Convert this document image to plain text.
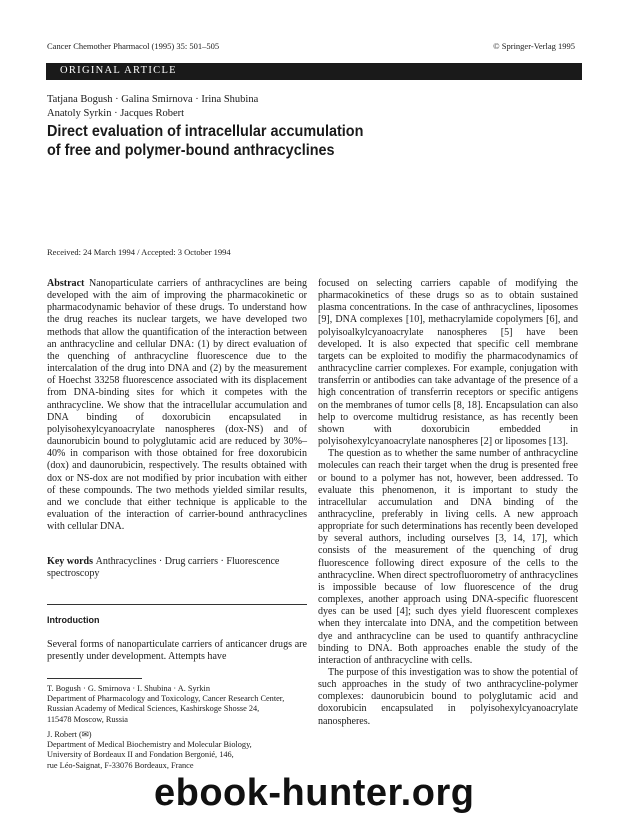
Cancer Chemother Pharmacol (1995) 35: 501–505	© Springer-Verlag 1995
ORIGINAL ARTICLE
Tatjana Bogush · Galina Smirnova · Irina Shubina
Anatoly Syrkin · Jacques Robert
Direct evaluation of intracellular accumulation
of free and polymer-bound anthracyclines
Received: 24 March 1994 / Accepted: 3 October 1994

Abstract Nanoparticulate carriers of anthracyclines are being developed with the aim of improving the pharmacokinetic or pharmacodynamic behavior of these drugs. To understand how the drug reaches its nuclear targets, we have developed two methods that allow the quantification of the interaction between an anthracycline and cellular DNA: (1) by direct evaluation of the quenching of anthracycline fluorescence due to the intercalation of the drug into DNA and (2) by the measurement of Hoechst 33258 fluorescence associated with its displacement from DNA-binding sites for which it competes with the anthracycline. We show that the intracellular accumulation and DNA binding of doxorubicin encapsulated in polyisohexylcyanoacrylate nanospheres (dox-NS) and of daunorubicin bound to polyglutamic acid are reduced by 30%–40% in comparison with those obtained for free doxorubicin (dox) and daunorubicin, respectively. The results obtained with dox or NS-dox are not modified by prior incubation with either of these compounds. The two methods yielded similar results, and we conclude that either technique is applicable to the evaluation of the interaction of carrier-bound anthracyclines with cellular DNA.

Key words Anthracyclines · Drug carriers · Fluorescence spectroscopy
Introduction

Several forms of nanoparticulate carriers of anticancer drugs are presently under development. Attempts have

focused on selecting carriers capable of modifying the pharmacokinetics of these drugs so as to obtain sustained plasma concentrations. In the case of anthracyclines, liposomes [9], DNA complexes [10], methacrylamide copolymers [6], and polyisoalkylcyanoacrylate nanospheres [5] have been developed. It is also expected that specific cell membrane targets can be exploited to modifiy the pharmacodynamics of anthracycline carrier complexes. For example, conjugation with transferrin or antibodies can take advantage of the presence of a high concentration of transferrin receptors or specific antigens on the membranes of tumor cells [8, 18]. Encapsulation can also help to overcome multidrug resistance, as has recently been shown with doxorubicin embedded in polyisohexylcyanoacrylate nanospheres [2] or liposomes [13].

The question as to whether the same number of anthracycline molecules can reach their target when the drug is presented free or bound to a polymer has not, however, been addressed. To evaluate this phenomenon, it is important to study the intracellular accumulation and DNA binding of the anthracycline, preferably in living cells. A new approach appropriate for such determinations has recently been developed by several authors, including ourselves [3, 14, 17], which consists of the measurement of the quenching of drug fluorescence following direct exposure of the cells to the anthracycline. When direct spectrofluorometry of anthracyclines is impossible because of low fluorescence of the drug complexes, another approach using DNA-specific fluorescent dyes can be used [4]; such dyes yield fluorescent complexes when they intercalate into DNA, and the competition between dye and anthracycline can be used to quantify anthracycline binding to DNA. Both approaches enable the study of the interaction of anthracycline with cells.

The purpose of this investigation was to show the potential of such approaches in the study of two anthracycline-polymer complexes: daunorubicin bound to polyglutamic acid and doxorubicin encapsulated in polyisohexylcyanoacrylate nanospheres.

T. Bogush · G. Smirnova · I. Shubina · A. Syrkin
Department of Pharmacology and Toxicology, Cancer Research Center,
Russian Academy of Medical Sciences, Kashirskoge Shosse 24,
115478 Moscow, Russia
J. Robert (✉)
Department of Medical Biochemistry and Molecular Biology,
University of Bordeaux II and Fondation Bergonié, 146,
rue Léo-Saignat, F-33076 Bordeaux, France
ebook-hunter.org
